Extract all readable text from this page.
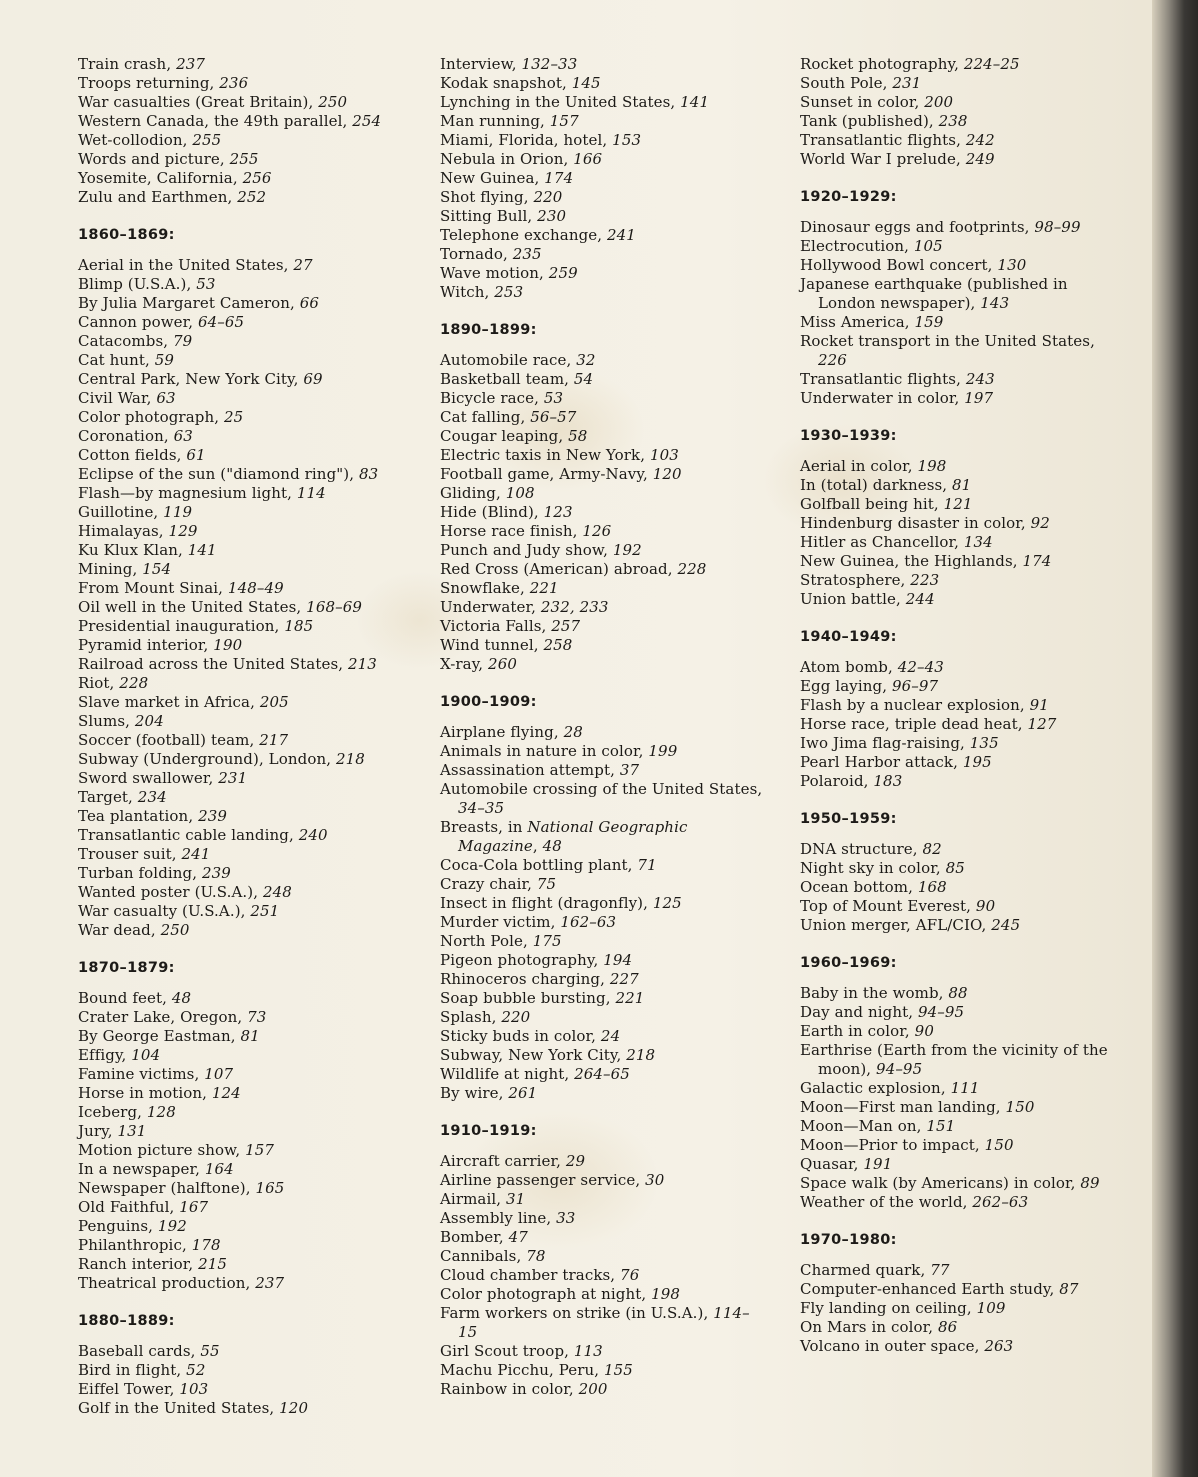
Train crash, 237
Troops returning, 236
War casualties (Great Britain), 250
Western Canada, the 49th parallel, 254
Wet-collodion, 255
Words and picture, 255
Yosemite, California, 256
Zulu and Earthmen, 252
1860–1869:
Aerial in the United States, 27
Blimp (U.S.A.), 53
By Julia Margaret Cameron, 66
Cannon power, 64–65
Catacombs, 79
Cat hunt, 59
Central Park, New York City, 69
Civil War, 63
Color photograph, 25
Coronation, 63
Cotton fields, 61
Eclipse of the sun ("diamond ring"), 83
Flash—by magnesium light, 114
Guillotine, 119
Himalayas, 129
Ku Klux Klan, 141
Mining, 154
From Mount Sinai, 148–49
Oil well in the United States, 168–69
Presidential inauguration, 185
Pyramid interior, 190
Railroad across the United States, 213
Riot, 228
Slave market in Africa, 205
Slums, 204
Soccer (football) team, 217
Subway (Underground), London, 218
Sword swallower, 231
Target, 234
Tea plantation, 239
Transatlantic cable landing, 240
Trouser suit, 241
Turban folding, 239
Wanted poster (U.S.A.), 248
War casualty (U.S.A.), 251
War dead, 250
1870–1879:
Bound feet, 48
Crater Lake, Oregon, 73
By George Eastman, 81
Effigy, 104
Famine victims, 107
Horse in motion, 124
Iceberg, 128
Jury, 131
Motion picture show, 157
In a newspaper, 164
Newspaper (halftone), 165
Old Faithful, 167
Penguins, 192
Philanthropic, 178
Ranch interior, 215
Theatrical production, 237
1880–1889:
Baseball cards, 55
Bird in flight, 52
Eiffel Tower, 103
Golf in the United States, 120
Interview, 132–33
Kodak snapshot, 145
Lynching in the United States, 141
Man running, 157
Miami, Florida, hotel, 153
Nebula in Orion, 166
New Guinea, 174
Shot flying, 220
Sitting Bull, 230
Telephone exchange, 241
Tornado, 235
Wave motion, 259
Witch, 253
1890–1899:
Automobile race, 32
Basketball team, 54
Bicycle race, 53
Cat falling, 56–57
Cougar leaping, 58
Electric taxis in New York, 103
Football game, Army-Navy, 120
Gliding, 108
Hide (Blind), 123
Horse race finish, 126
Punch and Judy show, 192
Red Cross (American) abroad, 228
Snowflake, 221
Underwater, 232, 233
Victoria Falls, 257
Wind tunnel, 258
X-ray, 260
1900–1909:
Airplane flying, 28
Animals in nature in color, 199
Assassination attempt, 37
Automobile crossing of the United States, 34–35
Breasts, in National Geographic Magazine, 48
Coca-Cola bottling plant, 71
Crazy chair, 75
Insect in flight (dragonfly), 125
Murder victim, 162–63
North Pole, 175
Pigeon photography, 194
Rhinoceros charging, 227
Soap bubble bursting, 221
Splash, 220
Sticky buds in color, 24
Subway, New York City, 218
Wildlife at night, 264–65
By wire, 261
1910–1919:
Aircraft carrier, 29
Airline passenger service, 30
Airmail, 31
Assembly line, 33
Bomber, 47
Cannibals, 78
Cloud chamber tracks, 76
Color photograph at night, 198
Farm workers on strike (in U.S.A.), 114–15
Girl Scout troop, 113
Machu Picchu, Peru, 155
Rainbow in color, 200
Rocket photography, 224–25
South Pole, 231
Sunset in color, 200
Tank (published), 238
Transatlantic flights, 242
World War I prelude, 249
1920–1929:
Dinosaur eggs and footprints, 98–99
Electrocution, 105
Hollywood Bowl concert, 130
Japanese earthquake (published in London newspaper), 143
Miss America, 159
Rocket transport in the United States, 226
Transatlantic flights, 243
Underwater in color, 197
1930–1939:
Aerial in color, 198
In (total) darkness, 81
Golfball being hit, 121
Hindenburg disaster in color, 92
Hitler as Chancellor, 134
New Guinea, the Highlands, 174
Stratosphere, 223
Union battle, 244
1940–1949:
Atom bomb, 42–43
Egg laying, 96–97
Flash by a nuclear explosion, 91
Horse race, triple dead heat, 127
Iwo Jima flag-raising, 135
Pearl Harbor attack, 195
Polaroid, 183
1950–1959:
DNA structure, 82
Night sky in color, 85
Ocean bottom, 168
Top of Mount Everest, 90
Union merger, AFL/CIO, 245
1960–1969:
Baby in the womb, 88
Day and night, 94–95
Earth in color, 90
Earthrise (Earth from the vicinity of the moon), 94–95
Galactic explosion, 111
Moon—First man landing, 150
Moon—Man on, 151
Moon—Prior to impact, 150
Quasar, 191
Space walk (by Americans) in color, 89
Weather of the world, 262–63
1970–1980:
Charmed quark, 77
Computer-enhanced Earth study, 87
Fly landing on ceiling, 109
On Mars in color, 86
Volcano in outer space, 263
